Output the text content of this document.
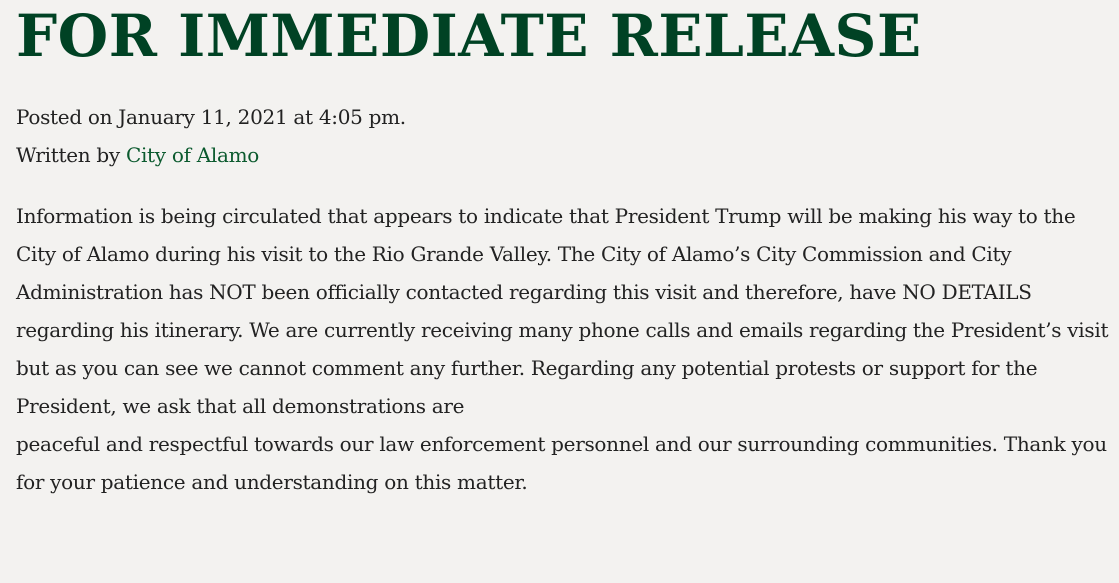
FOR IMMEDIATE RELEASE
Posted on January 11, 2021 at 4:05 pm.
Written by City of Alamo

Information is being circulated that appears to indicate that President Trump will be making his way to the City of Alamo during his visit to the Rio Grande Valley. The City of Alamo’s City Commission and City Administration has NOT been officially contacted regarding this visit and therefore, have NO DETAILS regarding his itinerary. We are currently receiving many phone calls and emails regarding the President’s visit but as you can see we cannot comment any further. Regarding any potential protests or support for the President, we ask that all demonstrations are

peaceful and respectful towards our law enforcement personnel and our surrounding communities. Thank you for your patience and understanding on this matter.
